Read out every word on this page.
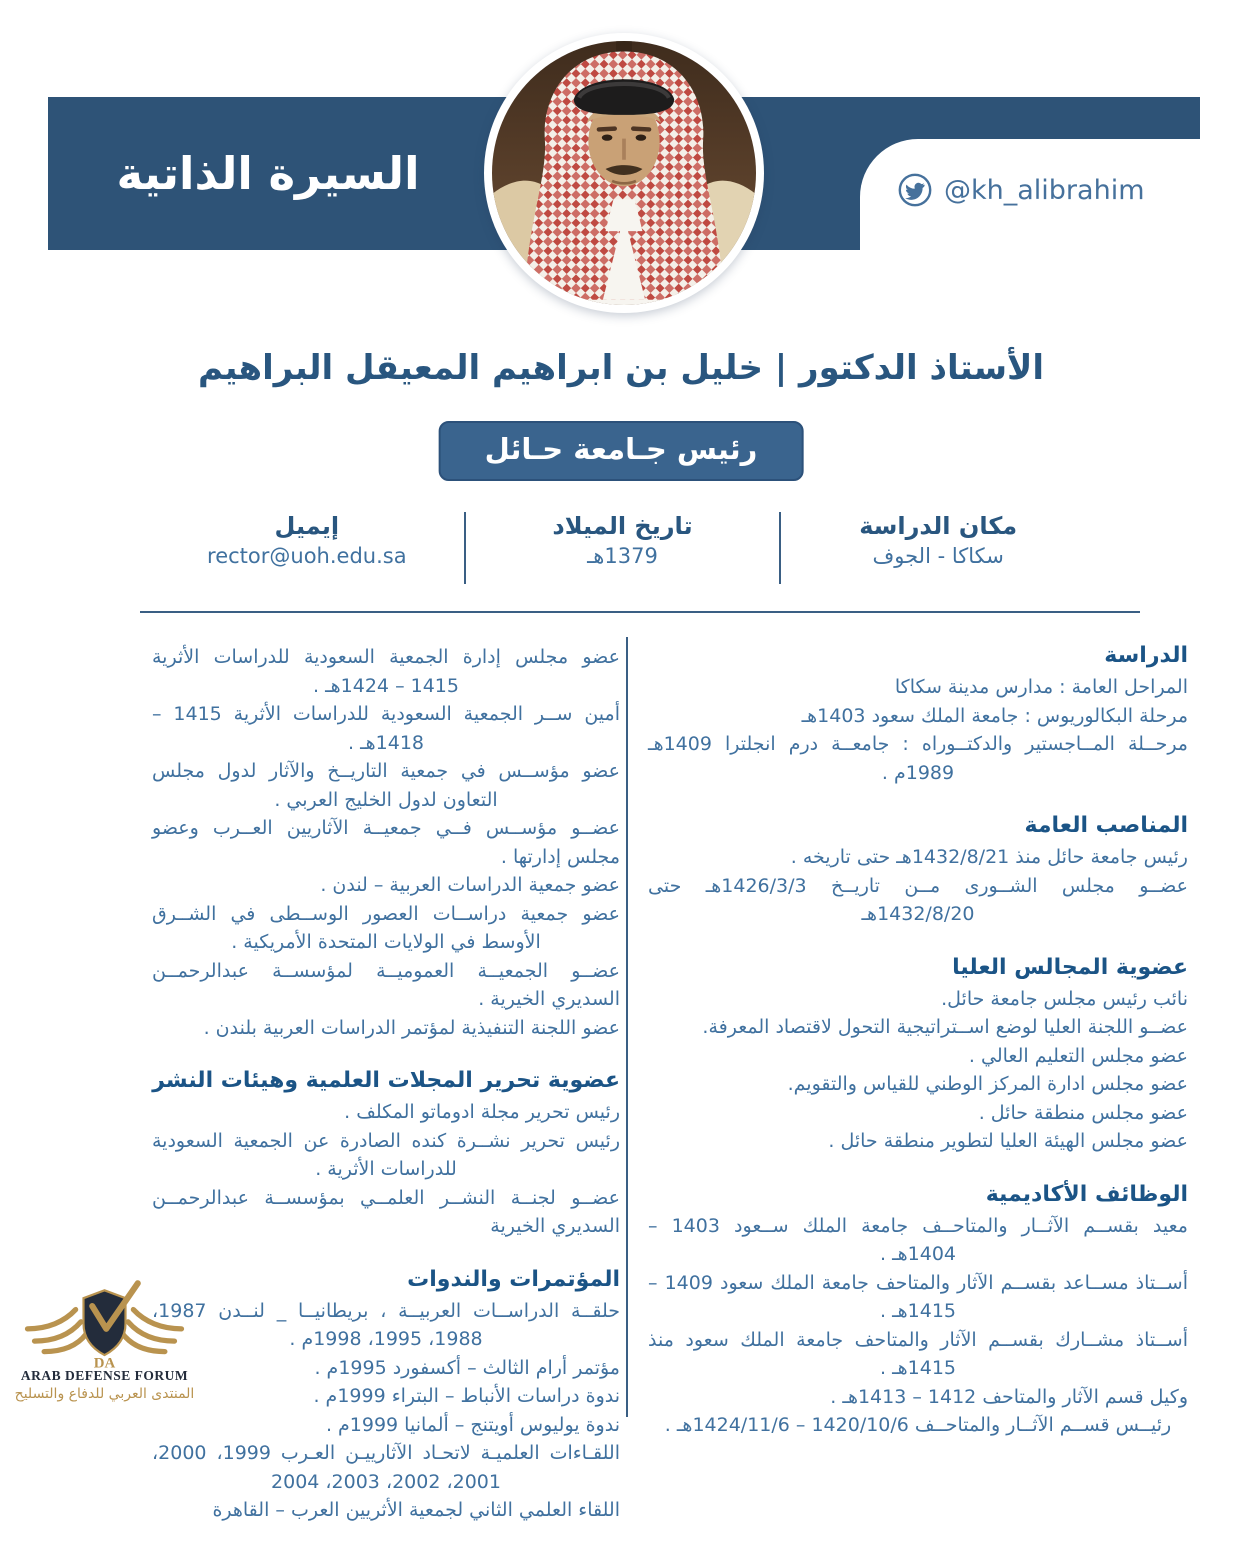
السيرة الذاتية	@kh_alibrahim
الأستاذ الدكتور | خليل بن ابراهيم المعيقل البراهيم
رئيس جـامعة حـائل
مكان الدراسة
سكاكا - الجوف
تاريخ الميلاد
1379هـ
إيميل
rector@uoh.edu.sa
الدراسة

المراحل العامة : مدارس مدينة سكاكا

مرحلة البكالوريوس : جامعة الملك سعود 1403هـ

مرحــلة المــاجستير والدكتــوراه : جامعــة درم انجلترا 1409هـ 1989م .

المناصب العامة

رئيس جامعة حائل منذ 1432/8/21هـ حتى تاريخه .

عضــو مجلس الشــورى مــن تاريــخ 1426/3/3هـ حتى 1432/8/20هـ

عضوية المجالس العليا

نائب رئيس مجلس جامعة حائل.

عضــو اللجنة العليا لوضع اســتراتيجية التحول لاقتصاد المعرفة.

عضو مجلس التعليم العالي .

عضو مجلس ادارة المركز الوطني للقياس والتقويم.

عضو مجلس منطقة حائل .

عضو مجلس الهيئة العليا لتطوير منطقة حائل .

الوظائف الأكاديمية

معيد بقســم الآثــار والمتاحــف جامعة الملك ســعود 1403 – 1404هـ .

أســتاذ مســاعد بقســم الآثار والمتاحف جامعة الملك سعود 1409 – 1415هـ .

أســتاذ مشــارك بقســم الآثار والمتاحف جامعة الملك سعود منذ 1415هـ .

وكيل قسم الآثار والمتاحف 1412 – 1413هـ .

رئيــس قســم الآثــار والمتاحــف 1420/10/6 – 1424/11/6هـ .

عضو مجلس إدارة الجمعية السعودية للدراسات الأثرية 1415 – 1424هـ .

أمين ســر الجمعية السعودية للدراسات الأثرية 1415 – 1418هـ .

عضو مؤســس في جمعية التاريــخ والآثار لدول مجلس التعاون لدول الخليج العربي .

عضــو مؤســس فــي جمعيــة الآثاريين العــرب وعضو مجلس إدارتها .

عضو جمعية الدراسات العربية – لندن .

عضو جمعية دراســات العصور الوســطى في الشــرق الأوسط في الولايات المتحدة الأمريكية .

عضــو الجمعيــة العموميــة لمؤسســة عبدالرحمــن السديري الخيرية .

عضو اللجنة التنفيذية لمؤتمر الدراسات العربية بلندن .

عضوية تحرير المجلات العلمية وهيئات النشر

رئيس تحرير مجلة ادوماتو المكلف .

رئيس تحرير نشــرة كنده الصادرة عن الجمعية السعودية للدراسات الأثرية .

عضــو لجنــة النشــر العلمــي بمؤسســة عبدالرحمــن السديري الخيرية

المؤتمرات والندوات

حلقــة الدراســات العربيــة ، بريطانيــا _ لنــدن 1987، 1988، 1995، 1998م .

مؤتمر أرام الثالث – أكسفورد 1995م .

ندوة دراسات الأنباط – البتراء 1999م .

ندوة يوليوس أويتنج – ألمانيا 1999م .

اللقـاءات العلميـة لاتحـاد الآثارييـن العـرب 1999، 2000، 2001، 2002، 2003، 2004

اللقاء العلمي الثاني لجمعية الأثريين العرب – القاهرة

DA
ARAB DEFENSE FORUM
المنتدى العربي للدفاع والتسليح
